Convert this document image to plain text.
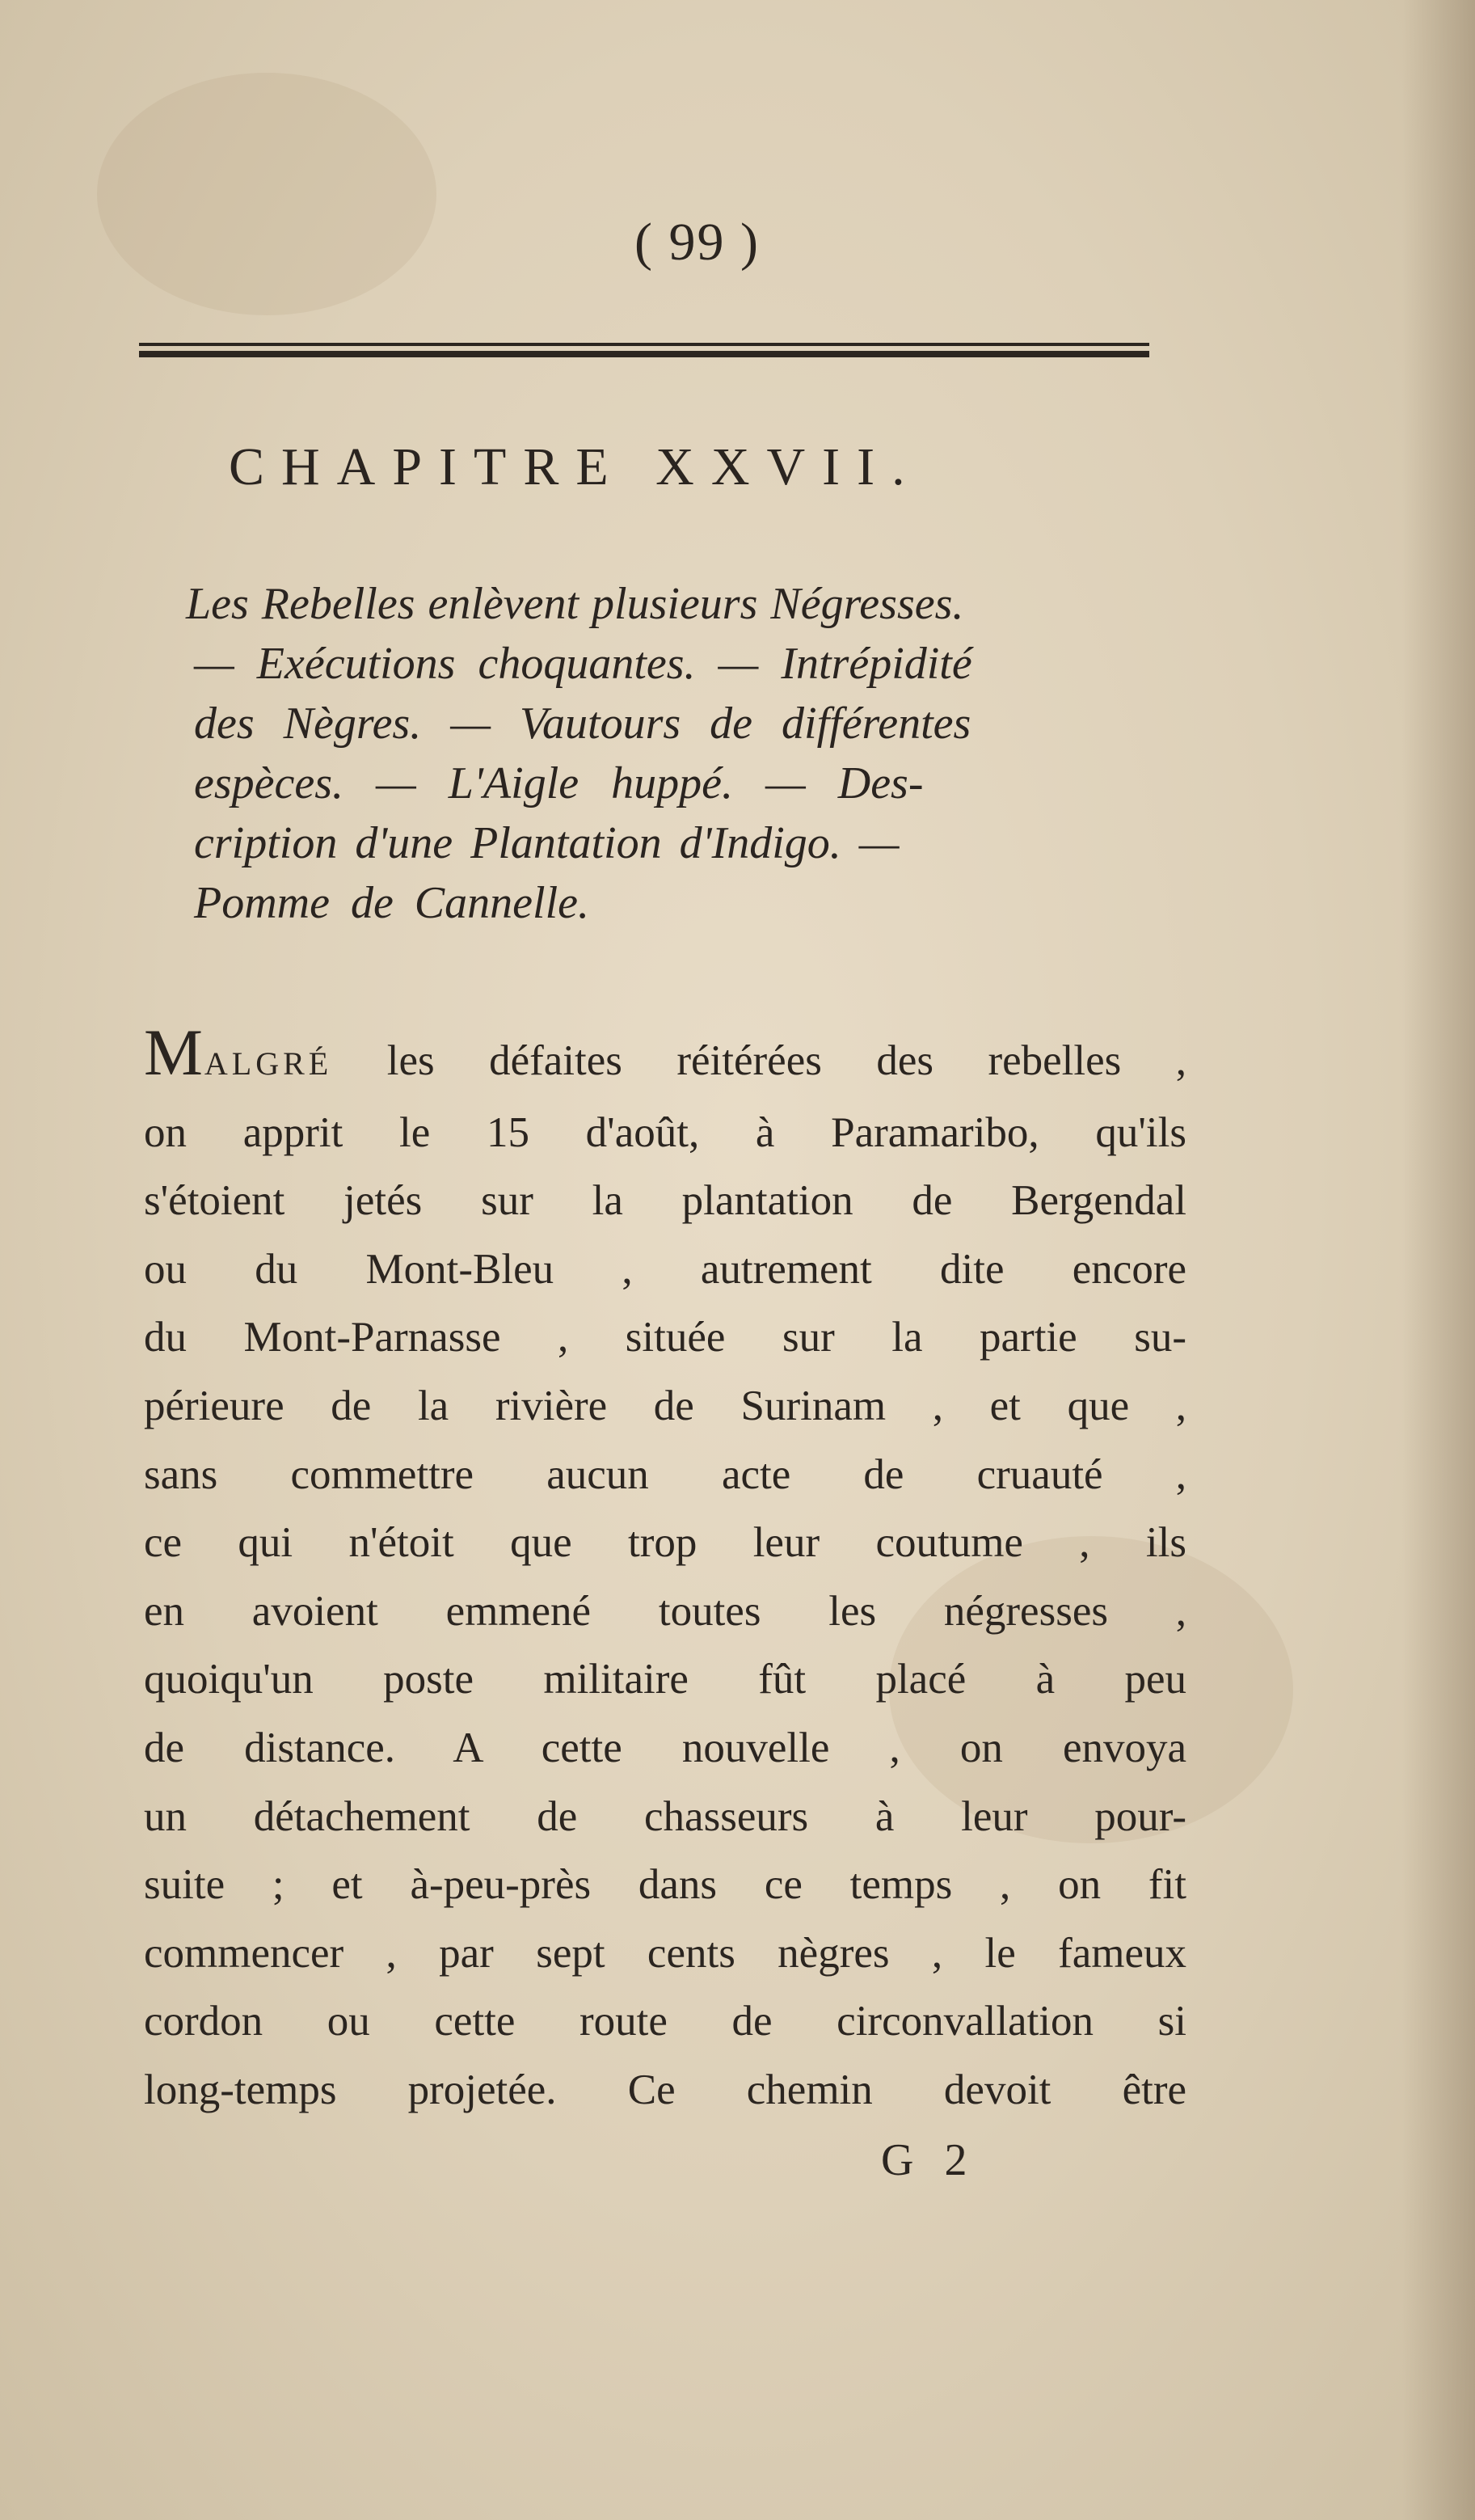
( 99 )
CHAPITRE XXVII.
Les Rebelles enlèvent plusieurs Négresses.
— Exécutions choquantes. — Intrépidité
des Nègres. — Vautours de différentes
espèces. — L'Aigle huppé. — Des-
cription d'une Plantation d'Indigo. —
Pomme de Cannelle.
MALGRÉ les défaites réitérées des rebelles ,
on apprit le 15 d'août, à Paramaribo, qu'ils
s'étoient jetés sur la plantation de Bergendal
ou du Mont-Bleu , autrement dite encore
du Mont-Parnasse , située sur la partie su-
périeure de la rivière de Surinam , et que ,
sans commettre aucun acte de cruauté ,
ce qui n'étoit que trop leur coutume , ils
en avoient emmené toutes les négresses ,
quoiqu'un poste militaire fût placé à peu
de distance. A cette nouvelle , on envoya
un détachement de chasseurs à leur pour-
suite ; et à-peu-près dans ce temps , on fit
commencer , par sept cents nègres , le fameux
cordon ou cette route de circonvallation si
long-temps projetée. Ce chemin devoit être
G 2
